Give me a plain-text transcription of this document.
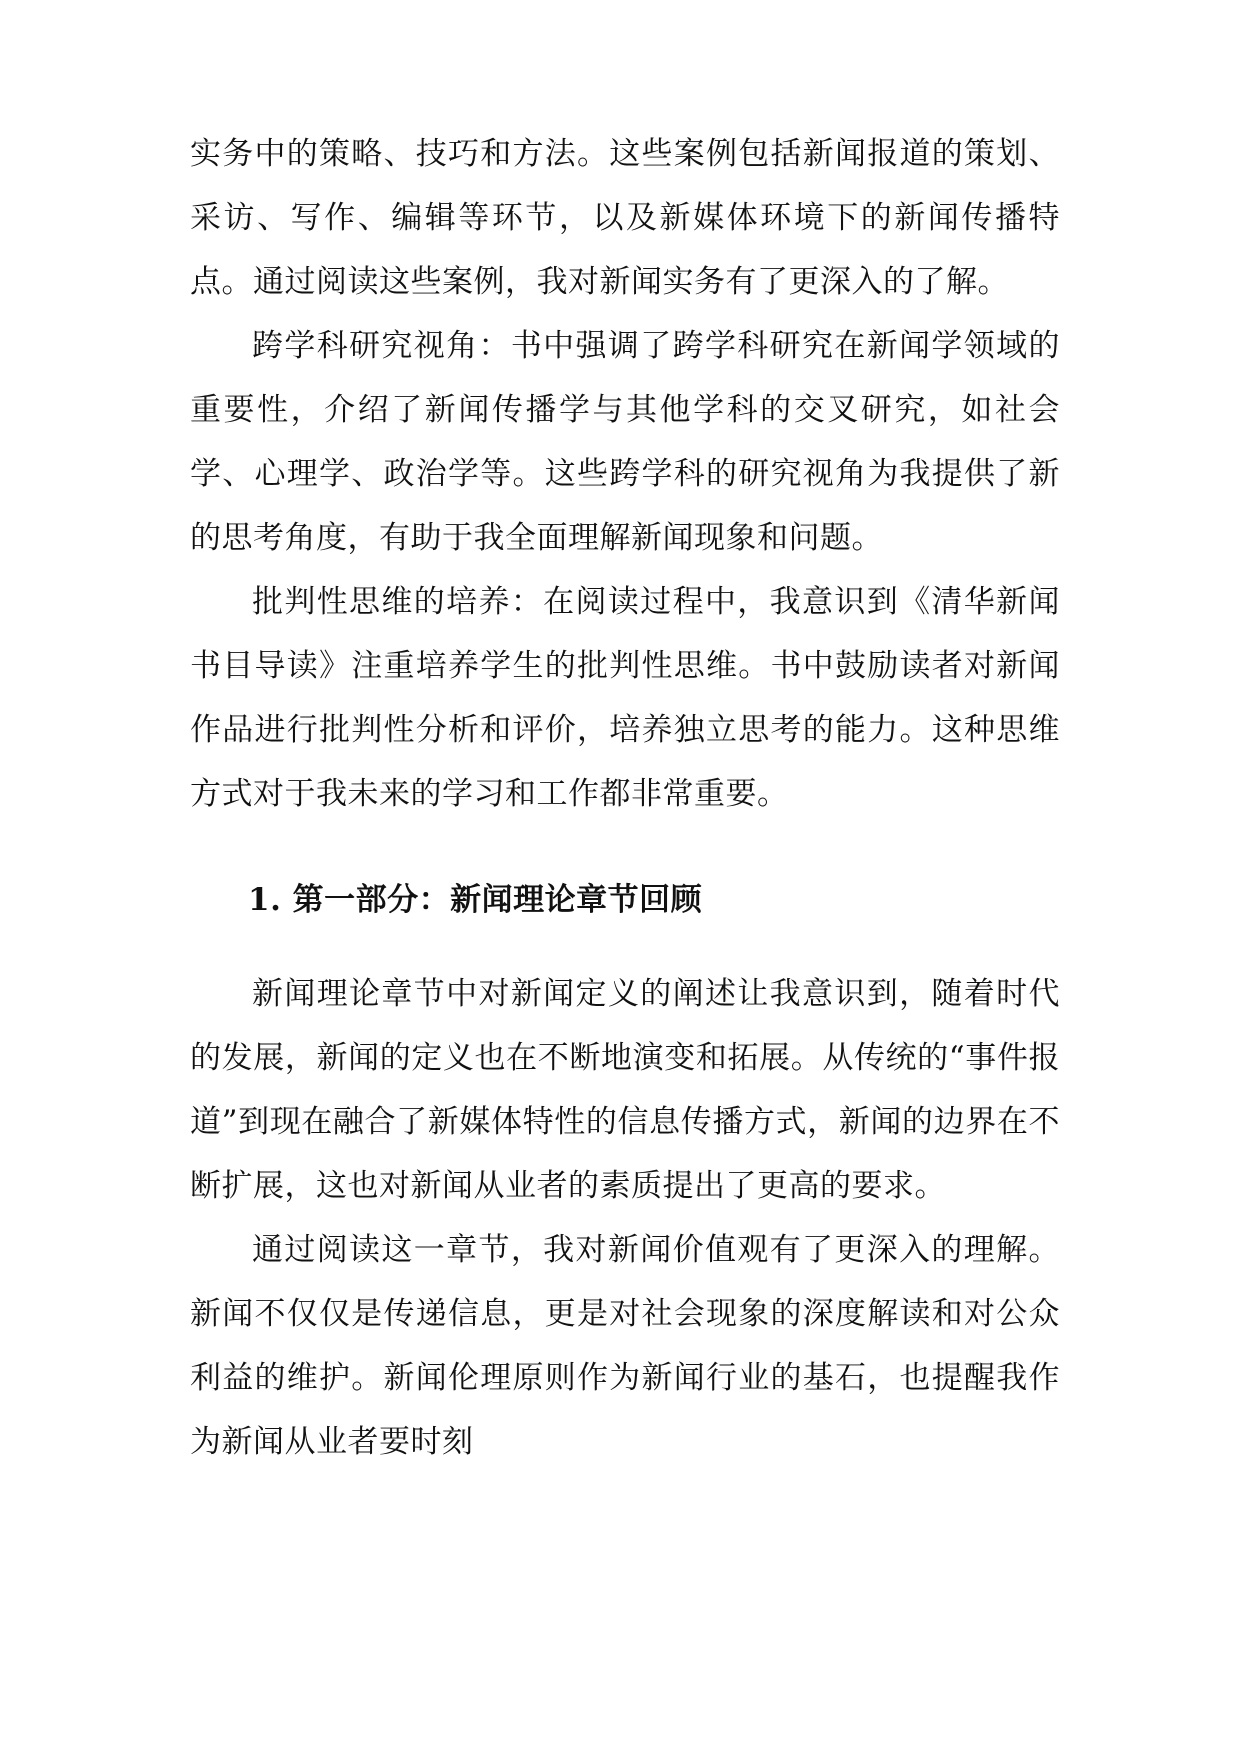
实务中的策略、技巧和方法。这些案例包括新闻报道的策划、采访、写作、编辑等环节，以及新媒体环境下的新闻传播特点。通过阅读这些案例，我对新闻实务有了更深入的了解。

跨学科研究视角：书中强调了跨学科研究在新闻学领域的重要性，介绍了新闻传播学与其他学科的交叉研究，如社会学、心理学、政治学等。这些跨学科的研究视角为我提供了新的思考角度，有助于我全面理解新闻现象和问题。

批判性思维的培养：在阅读过程中，我意识到《清华新闻书目导读》注重培养学生的批判性思维。书中鼓励读者对新闻作品进行批判性分析和评价，培养独立思考的能力。这种思维方式对于我未来的学习和工作都非常重要。

1. 第一部分：新闻理论章节回顾

新闻理论章节中对新闻定义的阐述让我意识到，随着时代的发展，新闻的定义也在不断地演变和拓展。从传统的“事件报道”到现在融合了新媒体特性的信息传播方式，新闻的边界在不断扩展，这也对新闻从业者的素质提出了更高的要求。

通过阅读这一章节，我对新闻价值观有了更深入的理解。新闻不仅仅是传递信息，更是对社会现象的深度解读和对公众利益的维护。新闻伦理原则作为新闻行业的基石，也提醒我作为新闻从业者要时刻
